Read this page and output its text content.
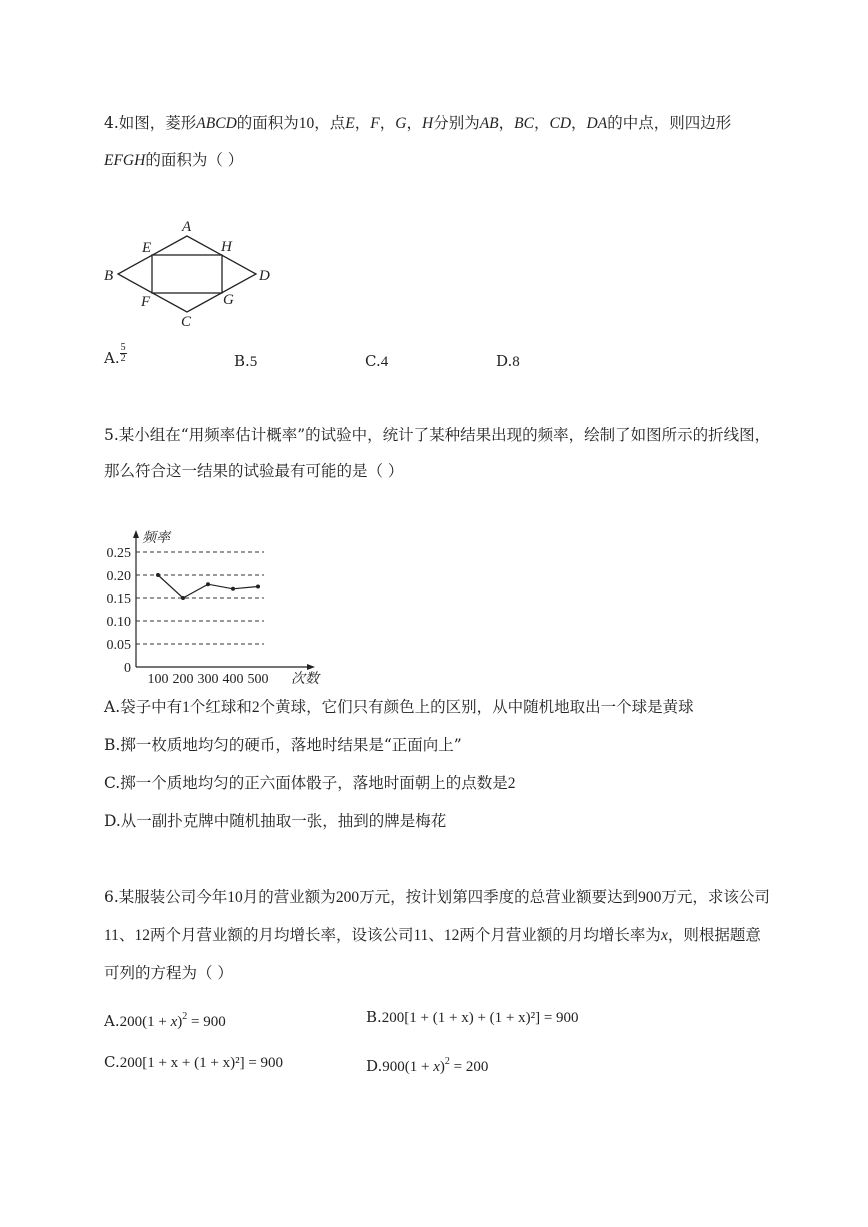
4.如图，菱形ABCD的面积为10，点E，F，G，H分别为AB，BC，CD，DA的中点，则四边形
EFGH的面积为（ ）
A
B
C
D
E
F	G
H
A. $\frac{5}{2}$	B.5	C.4	D.8
5.某小组在“用频率估计概率”的试验中，统计了某种结果出现的频率，绘制了如图所示的折线图，
那么符合这一结果的试验最有可能的是（ ）
0
0.05
0.10
0.15
0.20
0.25
100 200 300 400 500
频率
次数
A.袋子中有1个红球和2个黄球，它们只有颜色上的区别，从中随机地取出一个球是黄球
B.掷一枚质地均匀的硬币，落地时结果是“正面向上”
C.掷一个质地均匀的正六面体骰子，落地时面朝上的点数是2
D.从一副扑克牌中随机抽取一张，抽到的牌是梅花
6.某服装公司今年10月的营业额为200万元，按计划第四季度的总营业额要达到900万元，求该公司
11、12两个月营业额的月均增长率，设该公司11、12两个月营业额的月均增长率为x，则根据题意
可列的方程为（ ）
$A.200(1 + x)^2 = 900$	B.200[1 + (1 + x) + (1 + x)²] = 900
C.200[1 + x + (1 + x)²] = 900	$D.900(1 + x)^2 = 200$
